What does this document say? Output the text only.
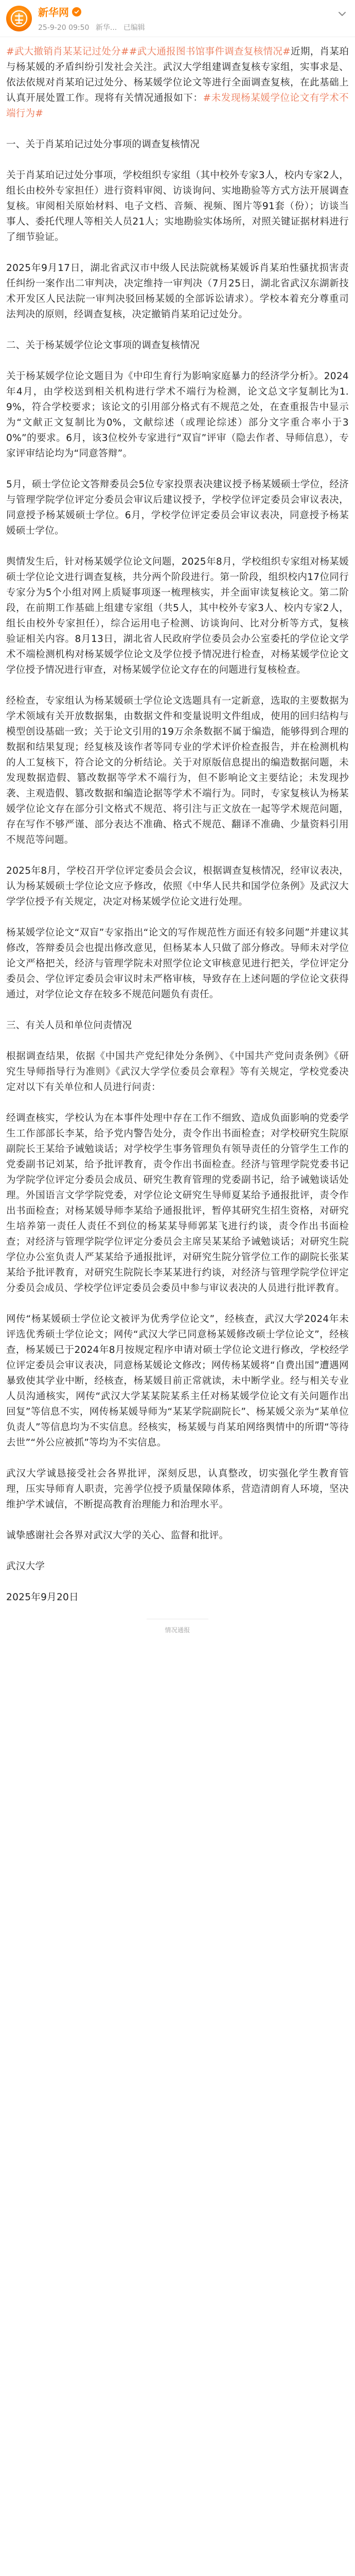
新华网
25-9-20 09:50 新华... 已编辑

#武大撤销肖某某记过处分##武大通报图书馆事件调查复核情况#近期，肖某珀与杨某媛的矛盾纠纷引发社会关注。武汉大学组建调查复核专家组，实事求是、依法依规对肖某珀记过处分、杨某媛学位论文等进行全面调查复核，在此基础上认真开展处置工作。现将有关情况通报如下：#未发现杨某媛学位论文有学术不端行为#

一、关于肖某珀记过处分事项的调查复核情况

关于肖某珀记过处分事项，学校组织专家组（其中校外专家3人，校内专家2人，组长由校外专家担任）进行资料审阅、访谈询问、实地勘验等方式方法开展调查复核。审阅相关原始材料、电子文档、音频、视频、图片等91套（份）；访谈当事人、委托代理人等相关人员21人；实地勘验实体场所，对照关键证据材料进行了细节验证。

2025年9月17日，湖北省武汉市中级人民法院就杨某媛诉肖某珀性骚扰损害责任纠纷一案作出二审判决，决定维持一审判决（7月25日，湖北省武汉东湖新技术开发区人民法院一审判决驳回杨某媛的全部诉讼请求）。学校本着充分尊重司法判决的原则，经调查复核，决定撤销肖某珀记过处分。

二、关于杨某媛学位论文事项的调查复核情况

关于杨某媛学位论文题目为《中印生育行为影响家庭暴力的经济学分析》。2024年4月，由学校送到相关机构进行学术不端行为检测，论文总文字复制比为1.9%，符合学校要求；该论文的引用部分格式有不规范之处，在查重报告中显示为“文献正文复制比为0%，文献综述（或理论综述）部分文字重合率小于30%”的要求。6月，该3位校外专家进行“双盲”评审（隐去作者、导师信息），专家评审结论均为“同意答辩”。

5月，硕士学位论文答辩委员会5位专家投票表决建议授予杨某媛硕士学位，经济与管理学院学位评定分委员会审议后建议授予，学校学位评定委员会审议表决，同意授予杨某媛硕士学位。6月，学校学位评定委员会审议表决，同意授予杨某媛硕士学位。

舆情发生后，针对杨某媛学位论文问题，2025年8月，学校组织专家组对杨某媛硕士学位论文进行调查复核，共分两个阶段进行。第一阶段，组织校内17位同行专家分为5个小组对网上质疑事项逐一梳理核实，并全面审读复核论文。第二阶段，在前期工作基础上组建专家组（共5人，其中校外专家3人、校内专家2人，组长由校外专家担任），综合运用电子检测、访谈询问、比对分析等方式，复核验证相关内容。8月13日，湖北省人民政府学位委员会办公室委托的学位论文学术不端检测机构对杨某媛学位论文及学位授予情况进行检查，对杨某媛学位论文学位授予情况进行审查，对杨某媛学位论文存在的问题进行复核检查。

经检查，专家组认为杨某媛硕士学位论文选题具有一定新意，选取的主要数据为学术领域有关开放数据集，由数据文件和变量说明文件组成，使用的回归结构与模型创设基础一致；关于论文引用的19万余条数据不属于编造，能够得到合理的数据和结果复现；经复核及该作者等同专业的学术评价检查报告，并在检测机构的人工复核下，符合论文的分析结论。关于对原版信息提出的编造数据问题，未发现数据造假、篡改数据等学术不端行为，但不影响论文主要结论；未发现抄袭、主观造假、篡改数据和编造论据等学术不端行为。同时，专家复核认为杨某媛学位论文存在部分引文格式不规范、将引注与正文放在一起等学术规范问题，存在写作不够严谨、部分表达不准确、格式不规范、翻译不准确、少量资料引用不规范等问题。

2025年8月，学校召开学位评定委员会会议，根据调查复核情况，经审议表决，认为杨某媛硕士学位论文应予修改，依照《中华人民共和国学位条例》及武汉大学学位授予有关规定，决定对杨某媛学位论文进行处理。

杨某媛学位论文“双盲”专家指出“论文的写作规范性方面还有较多问题”并建议其修改，答辩委员会也提出修改意见，但杨某本人只做了部分修改。导师未对学位论文严格把关，经济与管理学院未对照学位论文审核意见进行把关，学位评定分委员会、学位评定委员会审议时未严格审核，导致存在上述问题的学位论文获得通过，对学位论文存在较多不规范问题负有责任。

三、有关人员和单位问责情况

根据调查结果，依据《中国共产党纪律处分条例》、《中国共产党问责条例》《研究生导师指导行为准则》《武汉大学学位委员会章程》等有关规定，学校党委决定对以下有关单位和人员进行问责：

经调查核实，学校认为在本事件处理中存在工作不细致、造成负面影响的党委学生工作部部长李某，给予党内警告处分，责令作出书面检查；对学校研究生院原副院长王某给予诫勉谈话；对学校学生事务管理负有领导责任的分管学生工作的党委副书记刘某，给予批评教育，责令作出书面检查。经济与管理学院党委书记为学院学位评定分委员会成员、研究生教育管理的党委副书记，给予诫勉谈话处理。外国语言文学学院党委，对学位论文研究生导师夏某给予通报批评，责令作出书面检查；对杨某媛导师李某给予通报批评，暂停其研究生招生资格，对研究生培养第一责任人责任不到位的杨某某导师郭某飞进行约谈，责令作出书面检查；对经济与管理学院学位评定分委员会主席吴某某给予诫勉谈话；对研究生院学位办公室负责人严某某给予通报批评，对研究生院分管学位工作的副院长张某某给予批评教育，对研究生院院长李某某进行约谈，对经济与管理学院学位评定分委员会成员、学校学位评定委员会委员中参与审议表决的人员进行批评教育。

网传“杨某媛硕士学位论文被评为优秀学位论文”，经核查，武汉大学2024年未评选优秀硕士学位论文；网传“武汉大学已同意杨某媛修改硕士学位论文”，经核查，杨某媛已于2024年8月按规定程序申请对硕士学位论文进行修改，学校经学位评定委员会审议表决，同意杨某媛论文修改；网传杨某媛将“自费出国”遭遇网暴致使其学业中断，经核查，杨某媛目前正常就读，未中断学业。经与相关专业人员沟通核实，网传“武汉大学某某院某系主任对杨某媛学位论文有关问题作出回复”等信息不实，网传杨某媛导师为“某某学院副院长”、杨某媛父亲为“某单位负责人”等信息均为不实信息。经核实，杨某媛与肖某珀网络舆情中的所谓“等待去世”“外公应被抓”等均为不实信息。

武汉大学诚恳接受社会各界批评，深刻反思，认真整改，切实强化学生教育管理，压实导师育人职责，完善学位授予质量保障体系，营造清朗育人环境，坚决维护学术诚信，不断提高教育治理能力和治理水平。

诚挚感谢社会各界对武汉大学的关心、监督和批评。

武汉大学

2025年9月20日

情况通报
